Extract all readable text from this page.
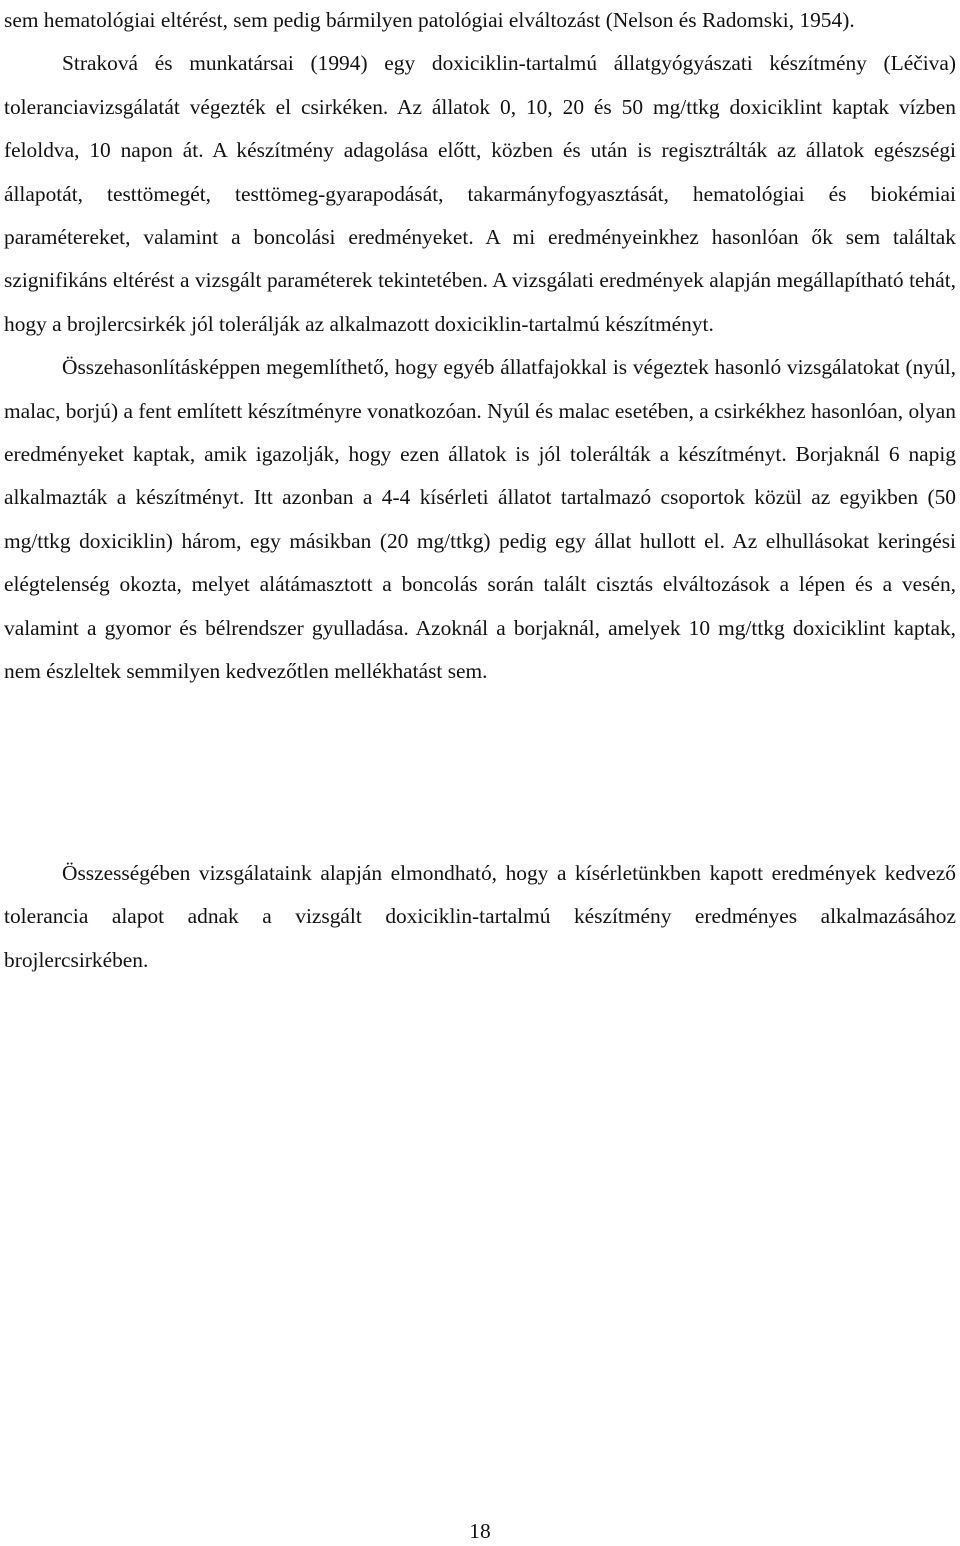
sem hematológiai eltérést, sem pedig bármilyen patológiai elváltozást (Nelson és Radomski, 1954).
Straková és munkatársai (1994) egy doxiciklin-tartalmú állatgyógyászati készítmény (Léčiva) toleranciavizsgálatát végezték el csirkéken. Az állatok 0, 10, 20 és 50 mg/ttkg doxiciklint kaptak vízben feloldva, 10 napon át. A készítmény adagolása előtt, közben és után is regisztrálták az állatok egészségi állapotát, testtömegét, testtömeg-gyarapodását, takarmányfogyasztását, hematológiai és biokémiai paramétereket, valamint a boncolási eredményeket. A mi eredményeinkhez hasonlóan ők sem találtak szignifikáns eltérést a vizsgált paraméterek tekintetében. A vizsgálati eredmények alapján megállapítható tehát, hogy a brojlercsirkék jól tolerálják az alkalmazott doxiciklin-tartalmú készítményt.
Összehasonlításképpen megemlíthető, hogy egyéb állatfajokkal is végeztek hasonló vizsgálatokat (nyúl, malac, borjú) a fent említett készítményre vonatkozóan. Nyúl és malac esetében, a csirkékhez hasonlóan, olyan eredményeket kaptak, amik igazolják, hogy ezen állatok is jól tolerálták a készítményt. Borjaknál 6 napig alkalmazták a készítményt. Itt azonban a 4-4 kísérleti állatot tartalmazó csoportok közül az egyikben (50 mg/ttkg doxiciklin) három, egy másikban (20 mg/ttkg) pedig egy állat hullott el. Az elhullásokat keringési elégtelenség okozta, melyet alátámasztott a boncolás során talált cisztás elváltozások a lépen és a vesén, valamint a gyomor és bélrendszer gyulladása. Azoknál a borjaknál, amelyek 10 mg/ttkg doxiciklint kaptak, nem észleltek semmilyen kedvezőtlen mellékhatást sem.

Összességében vizsgálataink alapján elmondható, hogy a kísérletünkben kapott eredmények kedvező tolerancia alapot adnak a vizsgált doxiciklin-tartalmú készítmény eredményes alkalmazásához brojlercsirkében.

18
